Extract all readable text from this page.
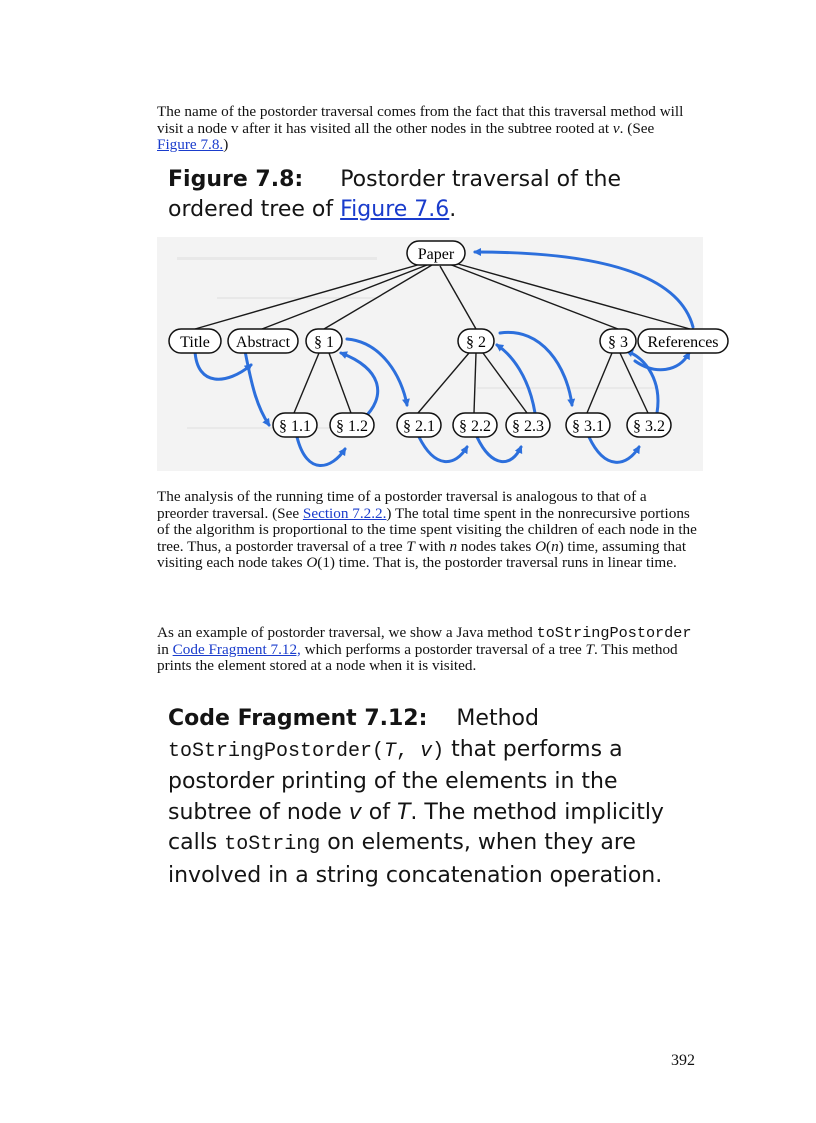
The name of the postorder traversal comes from the fact that this traversal method will visit a node v after it has visited all the other nodes in the subtree rooted at v. (See Figure 7.8.)
Figure 7.8: Postorder traversal of the ordered tree of Figure 7.6.
Paper
Title Abstract § 1	§ 2	§ 3 References
§ 1.1 § 1.2 § 2.1 § 2.2 § 2.3 § 3.1 § 3.2
The analysis of the running time of a postorder traversal is analogous to that of a preorder traversal. (See Section 7.2.2.) The total time spent in the nonrecursive portions of the algorithm is proportional to the time spent visiting the children of each node in the tree. Thus, a postorder traversal of a tree T with n nodes takes O(n) time, assuming that visiting each node takes O(1) time. That is, the postorder traversal runs in linear time.
As an example of postorder traversal, we show a Java method toStringPostorder in Code Fragment 7.12, which performs a postorder traversal of a tree T. This method prints the element stored at a node when it is visited.
Code Fragment 7.12: Method
toStringPostorder(T, v) that performs a postorder printing of the elements in the subtree of node v of T. The method implicitly calls toString on elements, when they are involved in a string concatenation operation.
392
